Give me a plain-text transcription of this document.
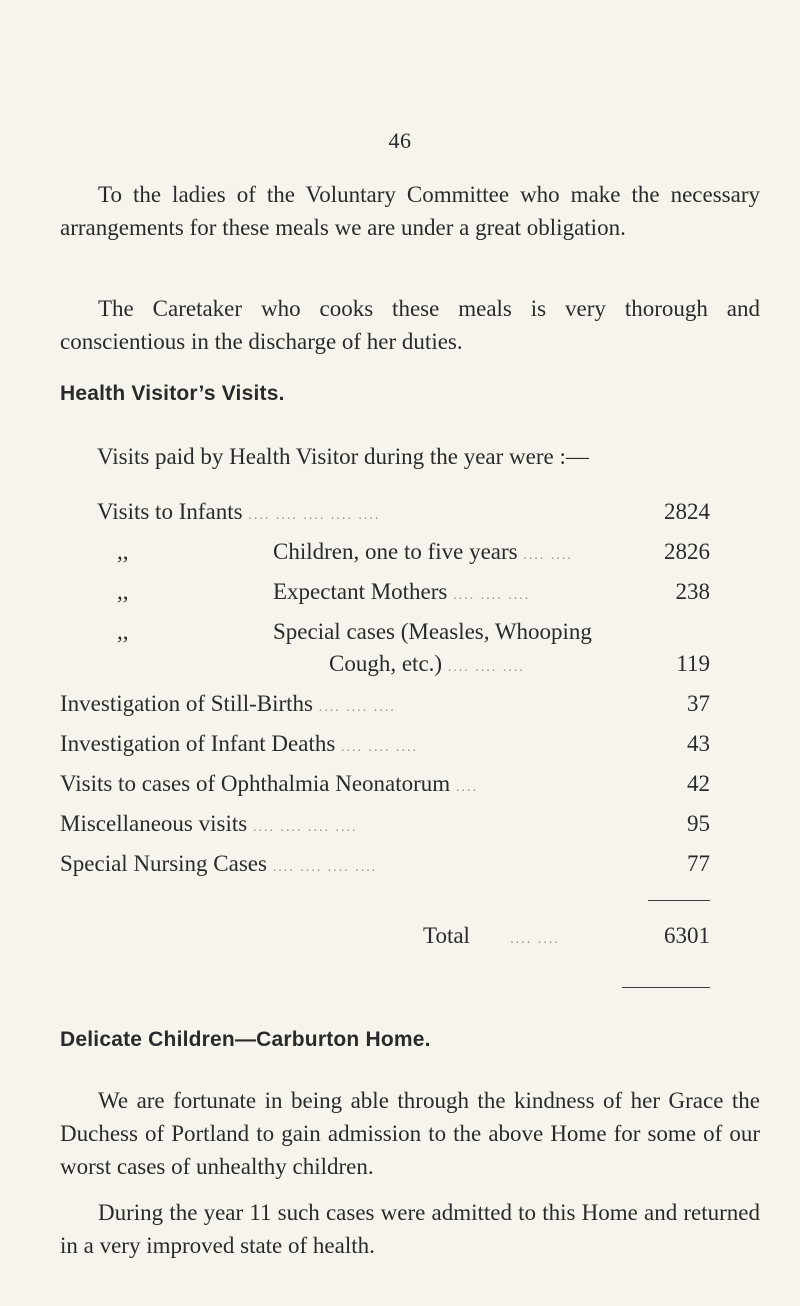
46

To the ladies of the Voluntary Committee who make the necessary arrangements for these meals we are under a great obligation.

The Caretaker who cooks these meals is very thorough and conscientious in the discharge of her duties.

Health Visitor’s Visits.
Visits paid by Health Visitor during the year were :—
Visits to Infants .... .... .... .... ....	2824
,,	Children, one to five years .... ....	2826
,,	Expectant Mothers .... .... ....	238
,,	Special cases (Measles, Whooping
Cough, etc.) .... .... ....	119
Investigation of Still-Births .... .... ....	37
Investigation of Infant Deaths .... .... ....	43
Visits to cases of Ophthalmia Neonatorum ....	42
Miscellaneous visits .... .... .... ....	95
Special Nursing Cases .... .... .... ....	77
Total	.... ....	6301
Delicate Children—Carburton Home.

We are fortunate in being able through the kindness of her Grace the Duchess of Portland to gain admission to the above Home for some of our worst cases of unhealthy children.

During the year 11 such cases were admitted to this Home and returned in a very improved state of health.
